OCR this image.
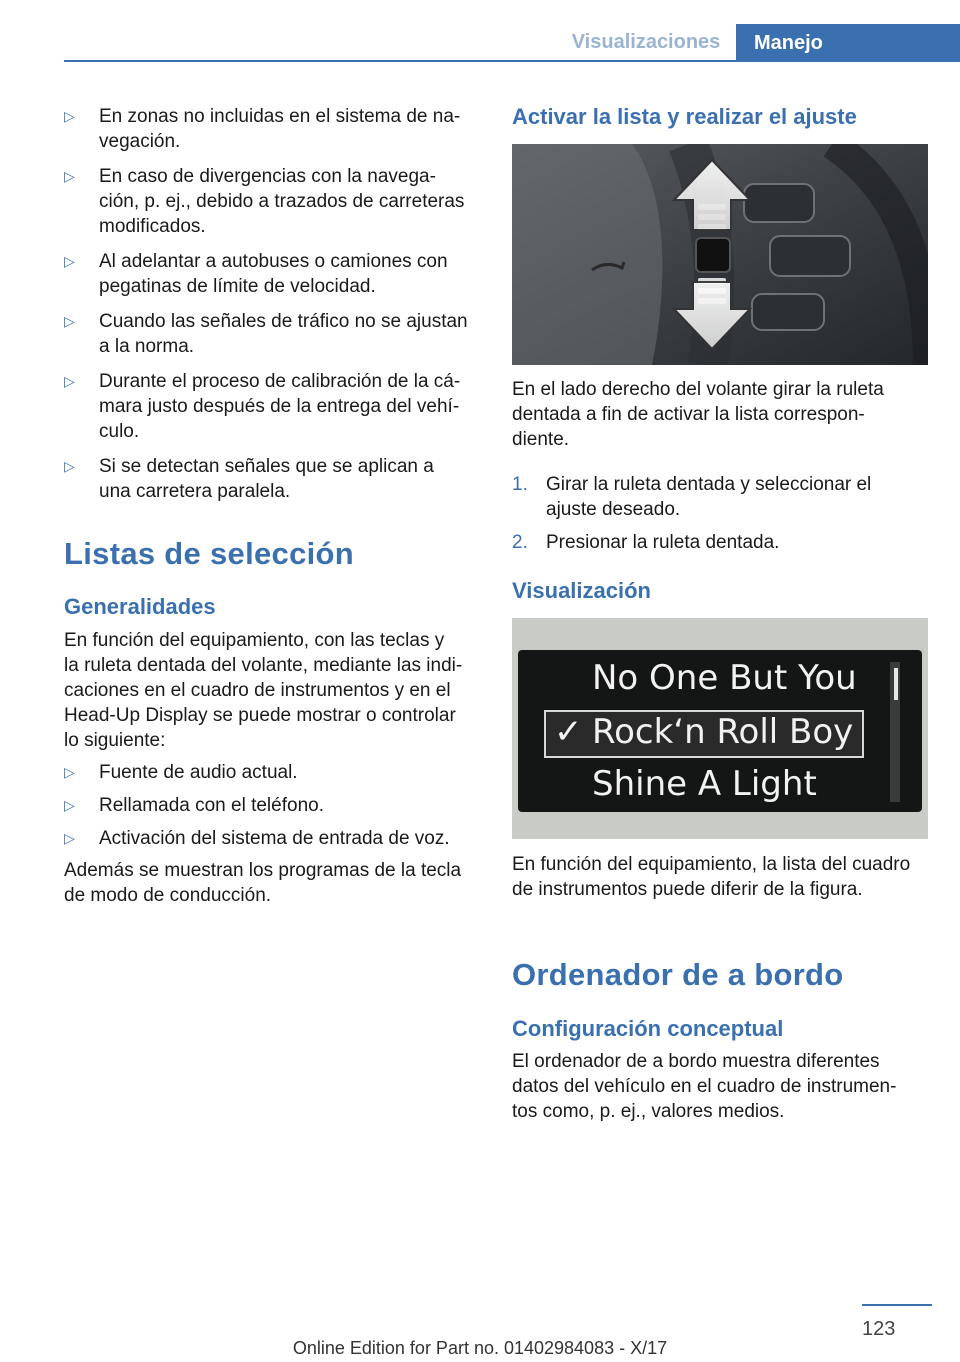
Visualizaciones	Manejo
▷ En zonas no incluidas en el sistema de na‐
vegación.
▷ En caso de divergencias con la navega‐
ción, p. ej., debido a trazados de carreteras
modificados.
▷ Al adelantar a autobuses o camiones con
pegatinas de límite de velocidad.
▷ Cuando las señales de tráfico no se ajustan
a la norma.
▷ Durante el proceso de calibración de la cá‐
mara justo después de la entrega del vehí‐
culo.
▷ Si se detectan señales que se aplican a
una carretera paralela.
Listas de selección
Generalidades
En función del equipamiento, con las teclas y
la ruleta dentada del volante, mediante las indi‐
caciones en el cuadro de instrumentos y en el
Head-Up Display se puede mostrar o controlar
lo siguiente:
▷ Fuente de audio actual.
▷ Rellamada con el teléfono.
▷ Activación del sistema de entrada de voz.
Además se muestran los programas de la tecla
de modo de conducción.
Activar la lista y realizar el ajuste
En el lado derecho del volante girar la ruleta
dentada a fin de activar la lista correspon‐
diente.
1. Girar la ruleta dentada y seleccionar el
ajuste deseado.
2. Presionar la ruleta dentada.
Visualización
No One But You
✓ Rock‘n Roll Boy
Shine A Light
En función del equipamiento, la lista del cuadro
de instrumentos puede diferir de la figura.
Ordenador de a bordo
Configuración conceptual
El ordenador de a bordo muestra diferentes
datos del vehículo en el cuadro de instrumen‐
tos como, p. ej., valores medios.
123
Online Edition for Part no. 01402984083 - X/17
